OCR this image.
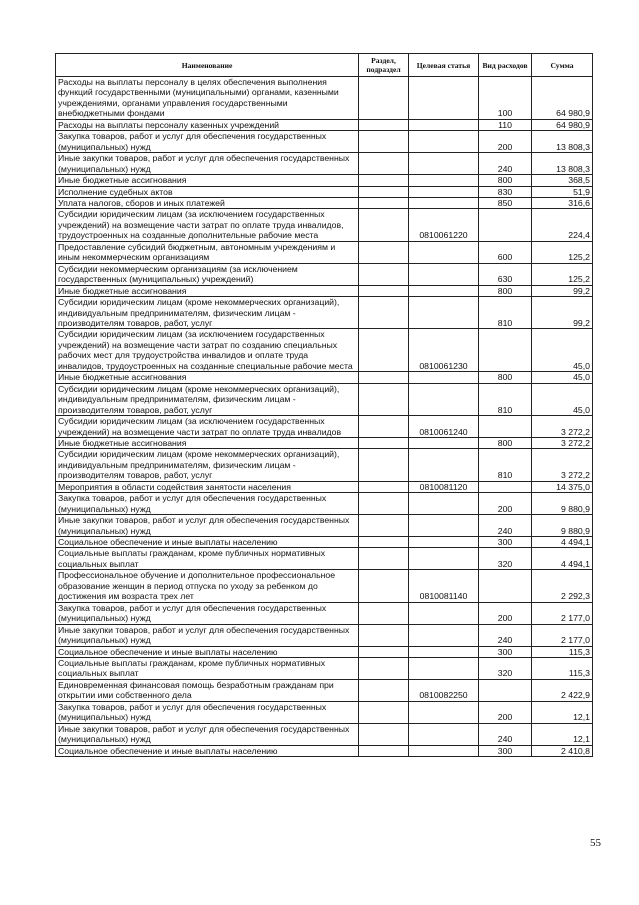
Наименование	Раздел, подраздел	Целевая статья	Вид расходов	Сумма
Расходы на выплаты персоналу в целях обеспечения выполнения функций государственными (муниципальными) органами, казенными учреждениями, органами управления государственными внебюджетными фондами			100	64 980,9
Расходы на выплаты персоналу казенных учреждений			110	64 980,9
Закупка товаров, работ и услуг для обеспечения государственных (муниципальных) нужд			200	13 808,3
Иные закупки товаров, работ и услуг для обеспечения государственных (муниципальных) нужд			240	13 808,3
Иные бюджетные ассигнования			800	368,5
Исполнение судебных актов			830	51,9
Уплата налогов, сборов и иных платежей			850	316,6
Субсидии юридическим лицам (за исключением государственных учреждений) на возмещение части затрат по оплате труда инвалидов, трудоустроенных на созданные дополнительные рабочие места		0810061220		224,4
Предоставление субсидий бюджетным, автономным учреждениям и иным некоммерческим организациям			600	125,2
Субсидии некоммерческим организациям (за исключением государственных (муниципальных) учреждений)			630	125,2
Иные бюджетные ассигнования			800	99,2
Субсидии юридическим лицам (кроме некоммерческих организаций), индивидуальным предпринимателям, физическим лицам - производителям товаров, работ, услуг			810	99,2
Субсидии юридическим лицам (за исключением государственных учреждений) на возмещение части затрат по созданию специальных рабочих мест для трудоустройства инвалидов и оплате труда инвалидов, трудоустроенных на созданные специальные рабочие места		0810061230		45,0
Иные бюджетные ассигнования			800	45,0
Субсидии юридическим лицам (кроме некоммерческих организаций), индивидуальным предпринимателям, физическим лицам - производителям товаров, работ, услуг			810	45,0
Субсидии юридическим лицам (за исключением государственных учреждений) на возмещение части затрат по оплате труда инвалидов		0810061240		3 272,2
Иные бюджетные ассигнования			800	3 272,2
Субсидии юридическим лицам (кроме некоммерческих организаций), индивидуальным предпринимателям, физическим лицам - производителям товаров, работ, услуг			810	3 272,2
Мероприятия в области содействия занятости населения		0810081120		14 375,0
Закупка товаров, работ и услуг для обеспечения государственных (муниципальных) нужд			200	9 880,9
Иные закупки товаров, работ и услуг для обеспечения государственных (муниципальных) нужд			240	9 880,9
Социальное обеспечение и иные выплаты населению			300	4 494,1
Социальные выплаты гражданам, кроме публичных нормативных социальных выплат			320	4 494,1
Профессиональное обучение и дополнительное профессиональное образование женщин в период отпуска по уходу за ребенком до достижения им возраста трех лет		0810081140		2 292,3
Закупка товаров, работ и услуг для обеспечения государственных (муниципальных) нужд			200	2 177,0
Иные закупки товаров, работ и услуг для обеспечения государственных (муниципальных) нужд			240	2 177,0
Социальное обеспечение и иные выплаты населению			300	115,3
Социальные выплаты гражданам, кроме публичных нормативных социальных выплат			320	115,3
Единовременная финансовая помощь безработным гражданам при открытии ими собственного дела		0810082250		2 422,9
Закупка товаров, работ и услуг для обеспечения государственных (муниципальных) нужд			200	12,1
Иные закупки товаров, работ и услуг для обеспечения государственных (муниципальных) нужд			240	12,1
Социальное обеспечение и иные выплаты населению			300	2 410,8
55
